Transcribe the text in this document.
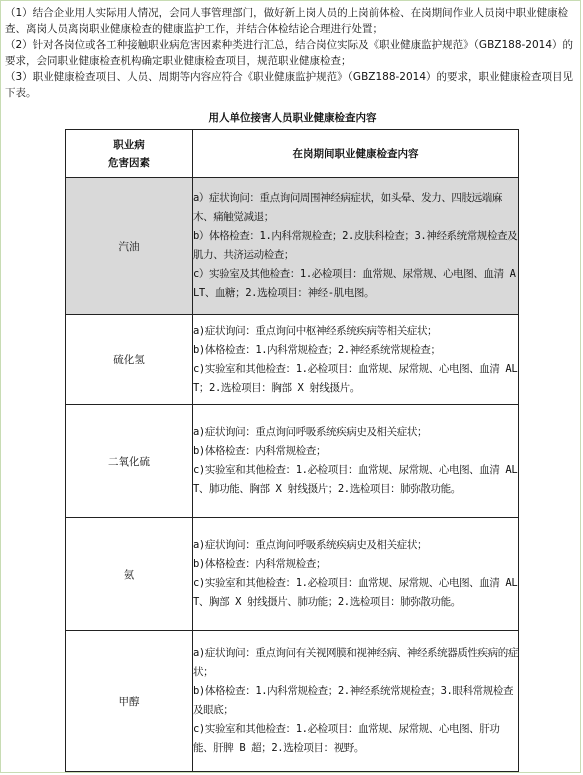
（1）结合企业用人实际用人情况，会同人事管理部门，做好新上岗人员的上岗前体检、在岗期间作业人员岗中职业健康检查、离岗人员离岗职业健康检查的健康监护工作，并结合体检结论合理进行处置；

（2）针对各岗位或各工种接触职业病危害因素种类进行汇总，结合岗位实际及《职业健康监护规范》（GBZ188-2014）的要求，会同职业健康检查机构确定职业健康检查项目，规范职业健康检查；

（3）职业健康检查项目、人员、周期等内容应符合《职业健康监护规范》（GBZ188-2014）的要求，职业健康检查项目见下表。

用人单位接害人员职业健康检查内容

职业病
危害因素	在岗期间职业健康检查内容
汽油	a）症状询问：重点询问周围神经病症状，如头晕、发力、四肢远端麻木、痛触觉减退；

b）体格检查：1.内科常规检查；2.皮肤科检查；3.神经系统常规检查及肌力、共济运动检查；

c）实验室及其他检查：1.必检项目：血常规、尿常规、心电图、血清 ALT、血糖；2.选检项目：神经-肌电图。

硫化氢	a)症状询问：重点询问中枢神经系统疾病等相关症状；

b)体格检查：1.内科常规检查；2.神经系统常规检查；

c)实验室和其他检查：1.必检项目：血常规、尿常规、心电图、血清 ALT；2.选检项目：胸部 X 射线摄片。

二氧化硫	a)症状询问：重点询问呼吸系统疾病史及相关症状；

b)体格检查：内科常规检查；

c)实验室和其他检查：1.必检项目：血常规、尿常规、心电图、血清 ALT、肺功能、胸部 X 射线摄片；2.选检项目：肺弥散功能。

氨	a)症状询问：重点询问呼吸系统疾病史及相关症状；

b)体格检查：内科常规检查；

c)实验室和其他检查：1.必检项目：血常规、尿常规、心电图、血清 ALT、胸部 X 射线摄片、肺功能；2.选检项目：肺弥散功能。

甲醇	a)症状询问：重点询问有关视网膜和视神经病、神经系统器质性疾病的症状；

b)体格检查：1.内科常规检查；2.神经系统常规检查；3.眼科常规检查及眼底；

c)实验室和其他检查：1.必检项目：血常规、尿常规、心电图、肝功能、肝脾 B 超；2.选检项目：视野。
